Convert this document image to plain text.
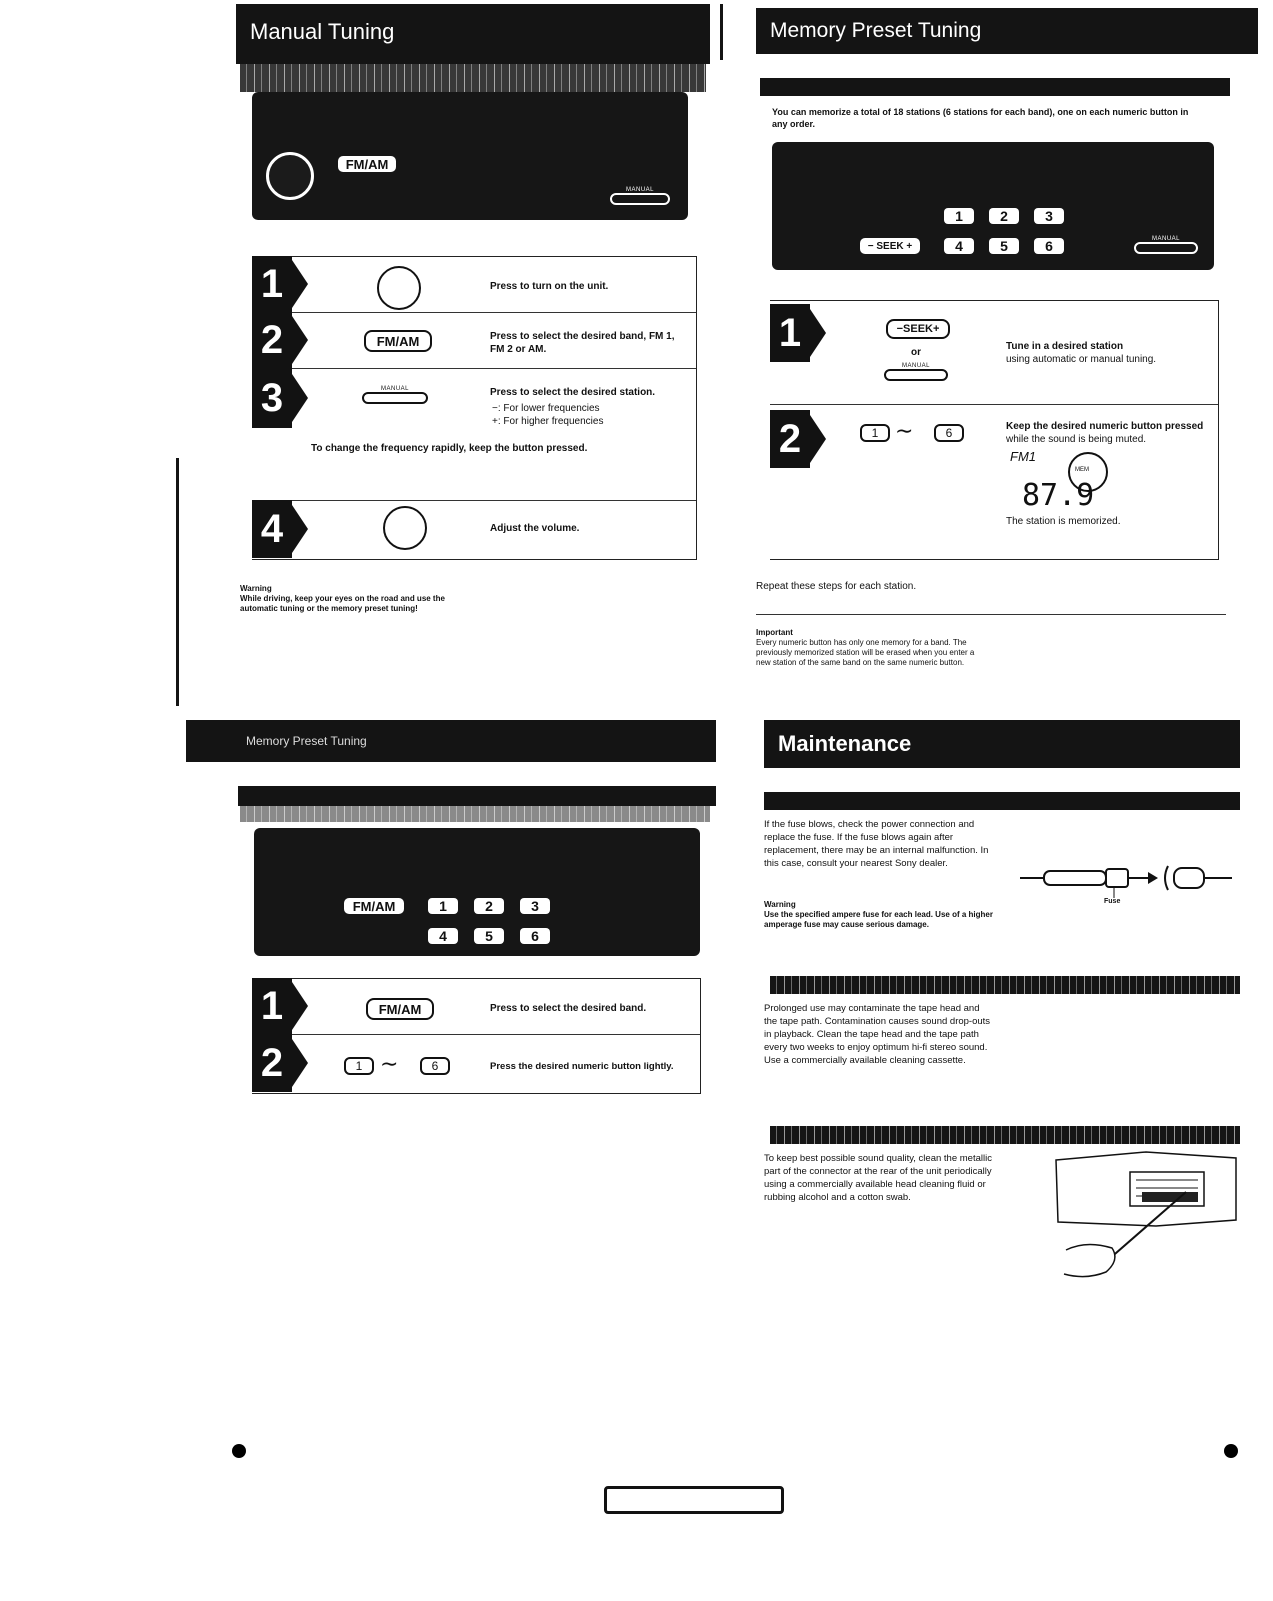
Manual Tuning
FM/AM
MANUAL
1	Press to turn on the unit.
2	FM/AM	Press to select the desired band, FM 1, FM 2 or AM.
3	MANUAL	Press to select the desired station.
−: For lower frequencies
+: For higher frequencies
To change the frequency rapidly, keep the button pressed.
4	Adjust the volume.
Warning
While driving, keep your eyes on the road and use the automatic tuning or the memory preset tuning!
Memory Preset Tuning
You can memorize a total of 18 stations (6 stations for each band), one on each numeric button in any order.
1	2	3
4	5	6
− SEEK +
MANUAL
1	−SEEK+
or
MANUAL
Tune in a desired station
using automatic or manual tuning.
2	1 ∼	6	Keep the desired numeric button pressed
while the sound is being muted.
FM1
MEM
87.9
The station is memorized.
Repeat these steps for each station.
Important
Every numeric button has only one memory for a band. The previously memorized station will be erased when you enter a new station of the same band on the same numeric button.
Memory Preset Tuning
FM/AM	1	2	3
4	5	6
1	FM/AM	Press to select the desired band.
2	1 ∼	6	Press the desired numeric button lightly.
Maintenance
If the fuse blows, check the power connection and replace the fuse. If the fuse blows again after replacement, there may be an internal malfunction. In this case, consult your nearest Sony dealer.
Warning
Use the specified ampere fuse for each lead. Use of a higher amperage fuse may cause serious damage.
Fuse
Prolonged use may contaminate the tape head and the tape path. Contamination causes sound drop-outs in playback. Clean the tape head and the tape path every two weeks to enjoy optimum hi-fi stereo sound. Use a commercially available cleaning cassette.
To keep best possible sound quality, clean the metallic part of the connector at the rear of the unit periodically using a commercially available head cleaning fluid or rubbing alcohol and a cotton swab.
